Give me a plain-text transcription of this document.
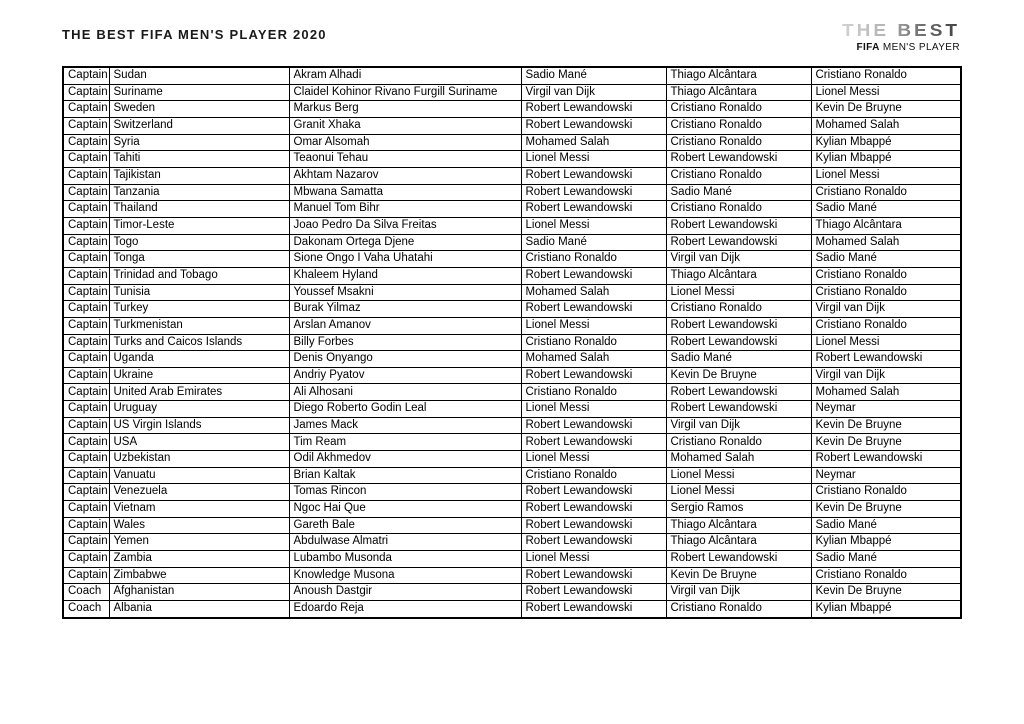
THE BEST FIFA MEN'S PLAYER 2020	THE BEST
FIFA MEN'S PLAYER
Captain	Sudan	Akram Alhadi	Sadio Mané	Thiago Alcântara	Cristiano Ronaldo
Captain	Suriname	Claidel Kohinor Rivano Furgill Suriname	Virgil van Dijk	Thiago Alcântara	Lionel Messi
Captain	Sweden	Markus Berg	Robert Lewandowski	Cristiano Ronaldo	Kevin De Bruyne
Captain	Switzerland	Granit Xhaka	Robert Lewandowski	Cristiano Ronaldo	Mohamed Salah
Captain	Syria	Omar Alsomah	Mohamed Salah	Cristiano Ronaldo	Kylian Mbappé
Captain	Tahiti	Teaonui Tehau	Lionel Messi	Robert Lewandowski	Kylian Mbappé
Captain	Tajikistan	Akhtam Nazarov	Robert Lewandowski	Cristiano Ronaldo	Lionel Messi
Captain	Tanzania	Mbwana Samatta	Robert Lewandowski	Sadio Mané	Cristiano Ronaldo
Captain	Thailand	Manuel Tom Bihr	Robert Lewandowski	Cristiano Ronaldo	Sadio Mané
Captain	Timor-Leste	Joao Pedro Da Silva Freitas	Lionel Messi	Robert Lewandowski	Thiago Alcântara
Captain	Togo	Dakonam Ortega Djene	Sadio Mané	Robert Lewandowski	Mohamed Salah
Captain	Tonga	Sione Ongo I Vaha Uhatahi	Cristiano Ronaldo	Virgil van Dijk	Sadio Mané
Captain	Trinidad and Tobago	Khaleem Hyland	Robert Lewandowski	Thiago Alcântara	Cristiano Ronaldo
Captain	Tunisia	Youssef Msakni	Mohamed Salah	Lionel Messi	Cristiano Ronaldo
Captain	Turkey	Burak Yilmaz	Robert Lewandowski	Cristiano Ronaldo	Virgil van Dijk
Captain	Turkmenistan	Arslan Amanov	Lionel Messi	Robert Lewandowski	Cristiano Ronaldo
Captain	Turks and Caicos Islands	Billy Forbes	Cristiano Ronaldo	Robert Lewandowski	Lionel Messi
Captain	Uganda	Denis Onyango	Mohamed Salah	Sadio Mané	Robert Lewandowski
Captain	Ukraine	Andriy Pyatov	Robert Lewandowski	Kevin De Bruyne	Virgil van Dijk
Captain	United Arab Emirates	Ali Alhosani	Cristiano Ronaldo	Robert Lewandowski	Mohamed Salah
Captain	Uruguay	Diego Roberto Godin Leal	Lionel Messi	Robert Lewandowski	Neymar
Captain	US Virgin Islands	James Mack	Robert Lewandowski	Virgil van Dijk	Kevin De Bruyne
Captain	USA	Tim Ream	Robert Lewandowski	Cristiano Ronaldo	Kevin De Bruyne
Captain	Uzbekistan	Odil Akhmedov	Lionel Messi	Mohamed Salah	Robert Lewandowski
Captain	Vanuatu	Brian Kaltak	Cristiano Ronaldo	Lionel Messi	Neymar
Captain	Venezuela	Tomas Rincon	Robert Lewandowski	Lionel Messi	Cristiano Ronaldo
Captain	Vietnam	Ngoc Hai Que	Robert Lewandowski	Sergio Ramos	Kevin De Bruyne
Captain	Wales	Gareth Bale	Robert Lewandowski	Thiago Alcântara	Sadio Mané
Captain	Yemen	Abdulwase Almatri	Robert Lewandowski	Thiago Alcântara	Kylian Mbappé
Captain	Zambia	Lubambo Musonda	Lionel Messi	Robert Lewandowski	Sadio Mané
Captain	Zimbabwe	Knowledge Musona	Robert Lewandowski	Kevin De Bruyne	Cristiano Ronaldo
Coach	Afghanistan	Anoush Dastgir	Robert Lewandowski	Virgil van Dijk	Kevin De Bruyne
Coach	Albania	Edoardo Reja	Robert Lewandowski	Cristiano Ronaldo	Kylian Mbappé
